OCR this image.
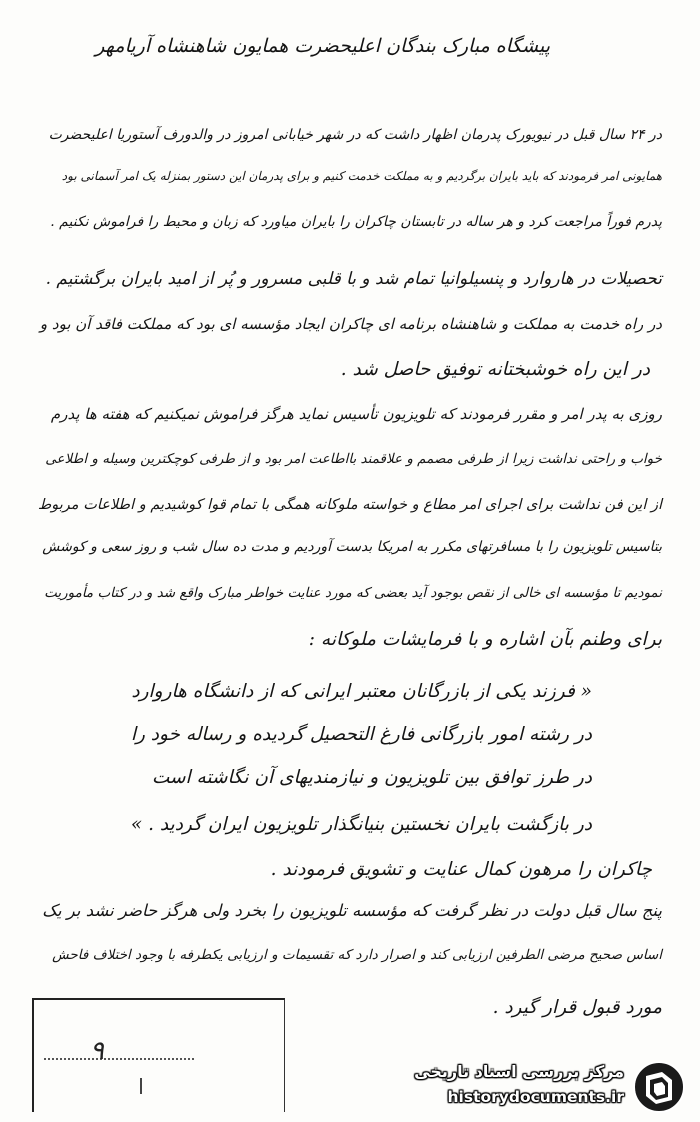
پیشگاه مبارک بندگان اعلیحضرت همایون شاهنشاه آریامهر
در ۲۴ سال قبل در نیویورک پدرمان اظهار داشت که در شهر خیابانی امروز در والدورف آستوریا اعلیحضرت
همایونی امر فرمودند که باید بایران برگردیم و به مملکت خدمت کنیم و برای پدرمان این دستور بمنزله یک امر آسمانی بود
پدرم فوراً مراجعت کرد و هر ساله در تابستان چاکران را بایران میاورد که زبان و محیط را فراموش نکنیم .
تحصیلات در هاروارد و پنسیلوانیا تمام شد و با قلبی مسرور و پُر از امید بایران برگشتیم .
در راه خدمت به مملکت و شاهنشاه برنامه ای چاکران ایجاد مؤسسه ای بود که مملکت فاقد آن بود و
در این راه خوشبختانه توفیق حاصل شد .
روزی به پدر امر و مقرر فرمودند که تلویزیون تأسیس نماید هرگز فراموش نمیکنیم که هفته ها پدرم
خواب و راحتی نداشت زیرا از طرفی مصمم و علاقمند بااطاعت امر بود و از طرفی کوچکترین وسیله و اطلاعی
از این فن نداشت برای اجرای امر مطاع و خواسته ملوکانه همگی با تمام قوا کوشیدیم و اطلاعات مربوط
بتاسیس تلویزیون را با مسافرتهای مکرر به امریکا بدست آوردیم و مدت ده سال شب و روز سعی و کوشش
نمودیم تا مؤسسه ای خالی از نقص بوجود آید بعضی که مورد عنایت خواطر مبارک واقع شد و در کتاب مأموریت
برای وطنم بآن اشاره و با فرمایشات ملوکانه :
« فرزند یکی از بازرگانان معتبر ایرانی که از دانشگاه هاروارد
در رشته امور بازرگانی فارغ التحصیل گردیده و رساله خود را
در طرز توافق بین تلویزیون و نیازمندیهای آن نگاشته است
در بازگشت بایران نخستین بنیانگذار تلویزیون ایران گردید . »
چاکران را مرهون کمال عنایت و تشویق فرمودند .
پنج سال قبل دولت در نظر گرفت که مؤسسه تلویزیون را بخرد ولی هرگز حاضر نشد بر یک
اساس صحیح مرضی الطرفین ارزیابی کند و اصرار دارد که تقسیمات و ارزیابی یکطرفه با وجود اختلاف فاحش
مورد قبول قرار گیرد .
۹
مرکز بررسی اسناد تاریخی
historydocuments.ir
